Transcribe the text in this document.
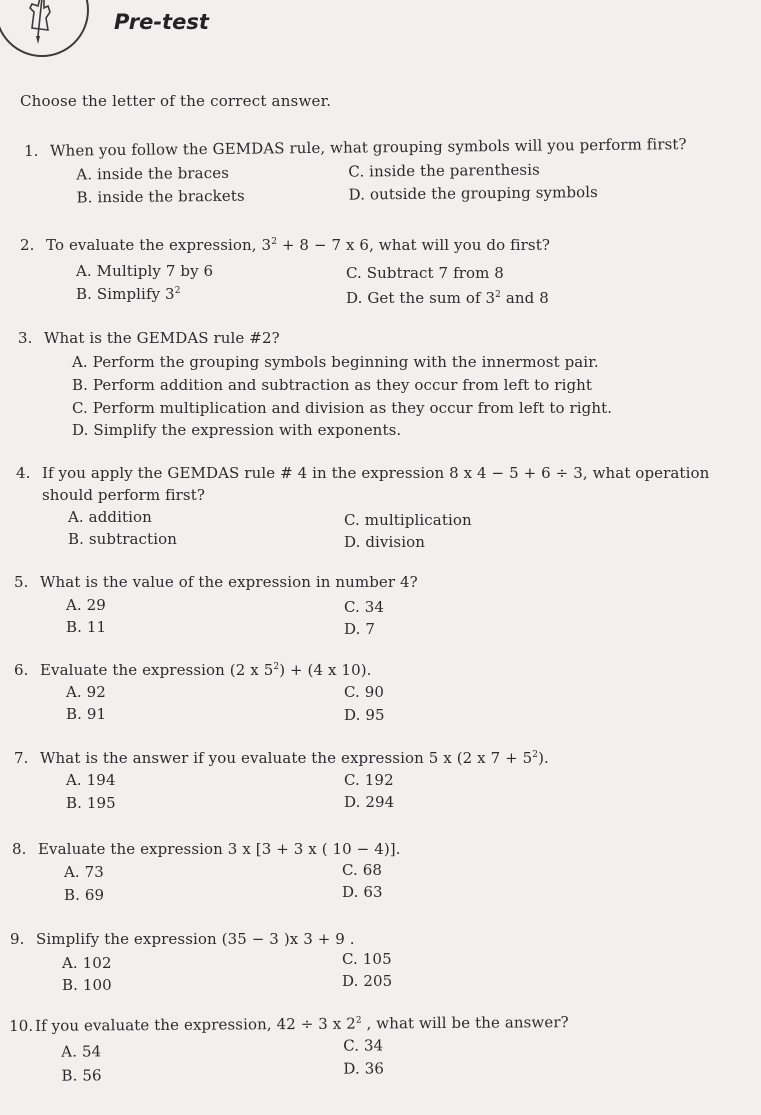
Pre-test
Choose the letter of the correct answer.
1. When you follow the GEMDAS rule, what grouping symbols will you perform first?
A. inside the braces
B. inside the brackets
C. inside the parenthesis
D. outside the grouping symbols
2. To evaluate the expression, $3^2 + 8 - 7$ x 6, what will you do first?
A. Multiply 7 by 6
B. Simplify $3^2$
C. Subtract 7 from 8
D. Get the sum of $3^2$ and 8
3. What is the GEMDAS rule #2?
A. Perform the grouping symbols beginning with the innermost pair.
B. Perform addition and subtraction as they occur from left to right
C. Perform multiplication and division as they occur from left to right.
D. Simplify the expression with exponents.
4. If you apply the GEMDAS rule # 4 in the expression 8 x 4 − 5 + 6 ÷ 3, what operation should perform first?
A. addition
B. subtraction
C. multiplication
D. division
5. What is the value of the expression in number 4?
A. 29
B. 11
C. 34
D. 7
6. Evaluate the expression (2 x $5^2) + (4$ x 10).
A. 92
B. 91
C. 90
D. 95
7. What is the answer if you evaluate the expression 5 x (2 x $7 + 5^2$).
A. 194
B. 195
C. 192
D. 294
8. Evaluate the expression 3 x [3 + 3 x ( 10 − 4)].
A. 73
B. 69
C. 68
D. 63
9. Simplify the expression (35 − 3 )x 3 + 9 .
A. 102
B. 100
C. 105
D. 205
10. If you evaluate the expression, 42 ÷ 3 x $2^2$ , what will be the answer?
A. 54
B. 56
C. 34
D. 36
